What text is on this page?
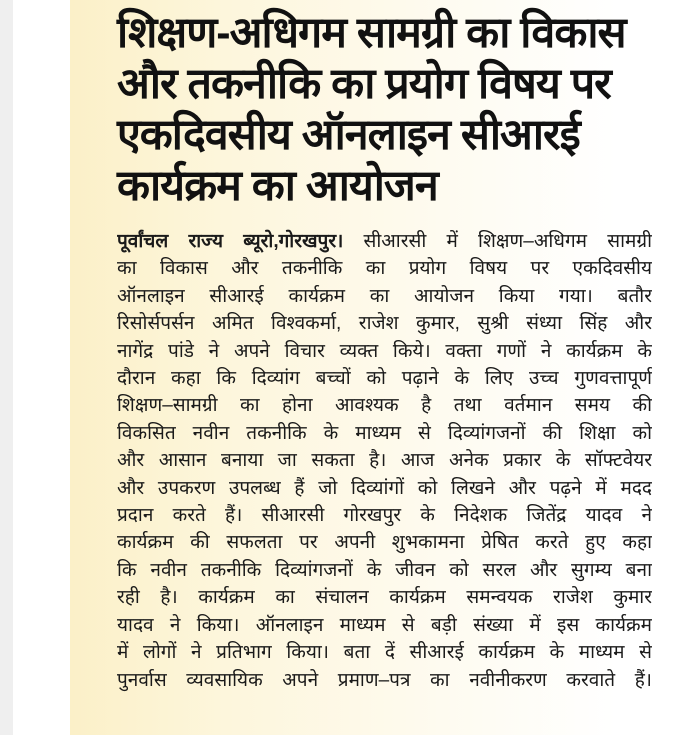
शिक्षण-अधिगम सामग्री का विकास
और तकनीकि का प्रयोग विषय पर
एकदिवसीय ऑनलाइन सीआरई
कार्यक्रम का आयोजन
पूर्वांचल राज्य ब्यूरो,गोरखपुर। सीआरसी में शिक्षण–अधिगम सामग्री
का विकास और तकनीकि का प्रयोग विषय पर एकदिवसीय
ऑनलाइन सीआरई कार्यक्रम का आयोजन किया गया। बतौर
रिसोर्सपर्सन अमित विश्वकर्मा, राजेश कुमार, सुश्री संध्या सिंह और
नागेंद्र पांडे ने अपने विचार व्यक्त किये। वक्ता गणों ने कार्यक्रम के
दौरान कहा कि दिव्यांग बच्चों को पढ़ाने के लिए उच्च गुणवत्तापूर्ण
शिक्षण–सामग्री का होना आवश्यक है तथा वर्तमान समय की
विकसित नवीन तकनीकि के माध्यम से दिव्यांगजनों की शिक्षा को
और आसान बनाया जा सकता है। आज अनेक प्रकार के सॉफ्टवेयर
और उपकरण उपलब्ध हैं जो दिव्यांगों को लिखने और पढ़ने में मदद
प्रदान करते हैं। सीआरसी गोरखपुर के निदेशक जितेंद्र यादव ने
कार्यक्रम की सफलता पर अपनी शुभकामना प्रेषित करते हुए कहा
कि नवीन तकनीकि दिव्यांगजनों के जीवन को सरल और सुगम्य बना
रही है। कार्यक्रम का संचालन कार्यक्रम समन्वयक राजेश कुमार
यादव ने किया। ऑनलाइन माध्यम से बड़ी संख्या में इस कार्यक्रम
में लोगों ने प्रतिभाग किया। बता दें सीआरई कार्यक्रम के माध्यम से
पुनर्वास व्यवसायिक अपने प्रमाण–पत्र का नवीनीकरण करवाते हैं।
